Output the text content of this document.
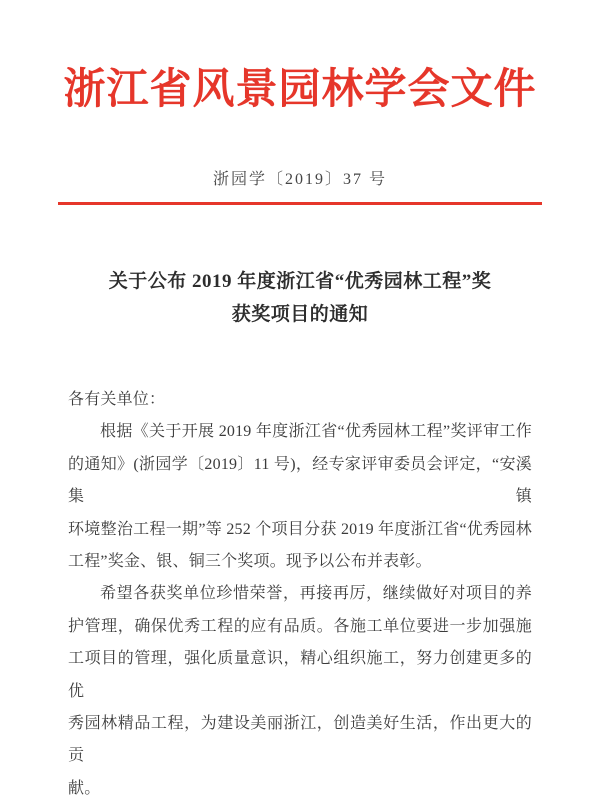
浙江省风景园林学会文件
浙园学〔2019〕37 号
关于公布 2019 年度浙江省“优秀园林工程”奖
获奖项目的通知
各有关单位：
根据《关于开展 2019 年度浙江省“优秀园林工程”奖评审工作
的通知》(浙园学〔2019〕11 号)，经专家评审委员会评定，“安溪集镇
环境整治工程一期”等 252 个项目分获 2019 年度浙江省“优秀园林
工程”奖金、银、铜三个奖项。现予以公布并表彰。
希望各获奖单位珍惜荣誉，再接再厉，继续做好对项目的养
护管理，确保优秀工程的应有品质。各施工单位要进一步加强施
工项目的管理，强化质量意识，精心组织施工，努力创建更多的优
秀园林精品工程，为建设美丽浙江，创造美好生活，作出更大的贡
献。
